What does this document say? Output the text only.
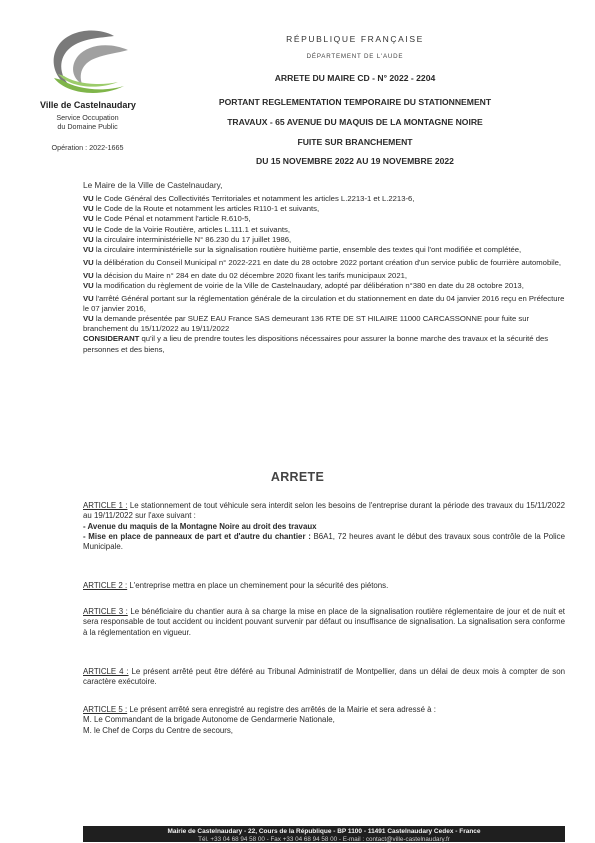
Ville de Castelnaudary
Service Occupation
du Domaine Public
Opération : 2022-1665
RÉPUBLIQUE FRANÇAISE
DÉPARTEMENT DE L'AUDE
ARRETE DU MAIRE CD - N° 2022 - 2204
PORTANT REGLEMENTATION TEMPORAIRE DU STATIONNEMENT
TRAVAUX - 65 AVENUE DU MAQUIS DE LA MONTAGNE NOIRE
FUITE SUR BRANCHEMENT
DU 15 NOVEMBRE 2022 AU 19 NOVEMBRE 2022
Le Maire de la Ville de Castelnaudary,
VU le Code Général des Collectivités Territoriales et notamment les articles L.2213-1 et L.2213-6,
VU le Code de la Route et notamment les articles R110-1 et suivants,
VU le Code Pénal et notamment l'article R.610-5,
VU le Code de la Voirie Routière, articles L.111.1 et suivants,
VU la circulaire interministérielle N° 86.230 du 17 juillet 1986,
VU la circulaire interministérielle sur la signalisation routière huitième partie, ensemble des textes qui l'ont modifiée et complétée,
VU la délibération du Conseil Municipal n° 2022-221 en date du 28 octobre 2022 portant création d'un service public de fourrière automobile,
VU la décision du Maire n° 284 en date du 02 décembre 2020 fixant les tarifs municipaux 2021,
VU la modification du règlement de voirie de la Ville de Castelnaudary, adopté par délibération n°380 en date du 28 octobre 2013,
VU l'arrêté Général portant sur la réglementation générale de la circulation et du stationnement en date du 04 janvier 2016 reçu en Préfecture le 07 janvier 2016,
VU la demande présentée par SUEZ EAU France SAS demeurant 136 RTE DE ST HILAIRE 11000 CARCASSONNE pour fuite sur branchement du 15/11/2022 au 19/11/2022
CONSIDERANT qu'il y a lieu de prendre toutes les dispositions nécessaires pour assurer la bonne marche des travaux et la sécurité des personnes et des biens,
ARRETE
ARTICLE 1 : Le stationnement de tout véhicule sera interdit selon les besoins de l'entreprise durant la période des travaux du 15/11/2022 au 19/11/2022 sur l'axe suivant :
- Avenue du maquis de la Montagne Noire au droit des travaux
- Mise en place de panneaux de part et d'autre du chantier : B6A1, 72 heures avant le début des travaux sous contrôle de la Police Municipale.
ARTICLE 2 : L'entreprise mettra en place un cheminement pour la sécurité des piétons.
ARTICLE 3 : Le bénéficiaire du chantier aura à sa charge la mise en place de la signalisation routière réglementaire de jour et de nuit et sera responsable de tout accident ou incident pouvant survenir par défaut ou insuffisance de signalisation. La signalisation sera conforme à la réglementation en vigueur.
ARTICLE 4 : Le présent arrêté peut être déféré au Tribunal Administratif de Montpellier, dans un délai de deux mois à compter de son caractère exécutoire.
ARTICLE 5 : Le présent arrêté sera enregistré au registre des arrêtés de la Mairie et sera adressé à :
M. Le Commandant de la brigade Autonome de Gendarmerie Nationale,
M. le Chef de Corps du Centre de secours,
Mairie de Castelnaudary - 22, Cours de la République - BP 1100 - 11491 Castelnaudary Cedex - France
Tél. +33 04 68 94 58 00 - Fax +33 04 68 94 58 00 - E-mail : contact@ville-castelnaudary.fr
